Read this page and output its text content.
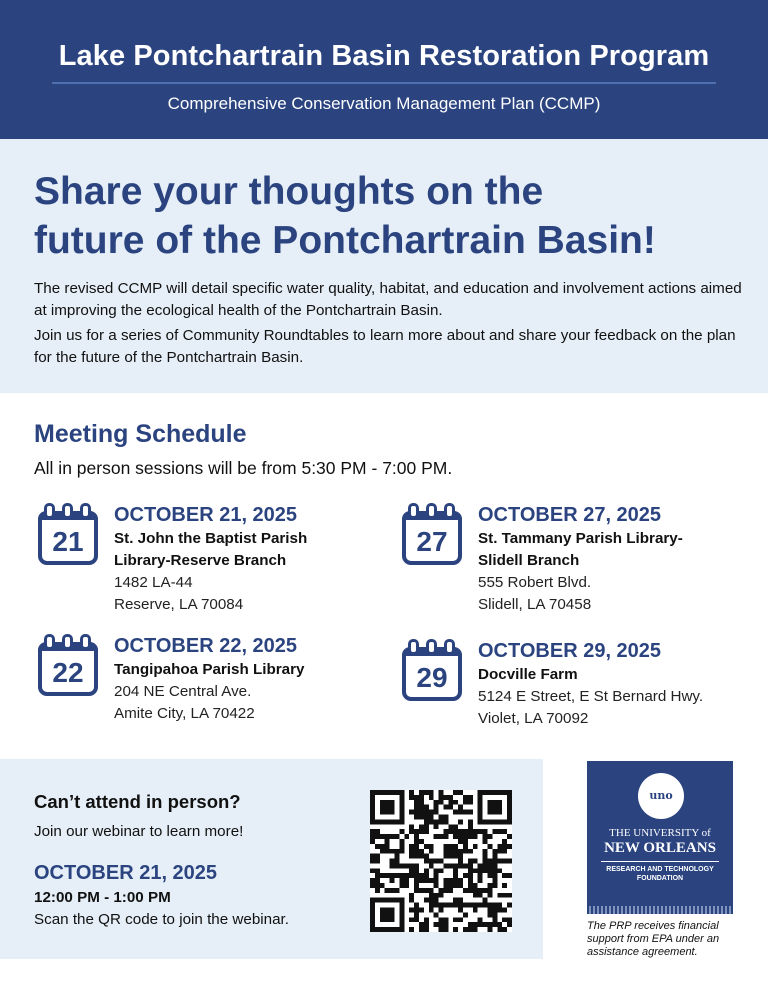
Lake Pontchartrain Basin Restoration Program
Comprehensive Conservation Management Plan (CCMP)
Share your thoughts on the
future of the Pontchartrain Basin!

The revised CCMP will detail specific water quality, habitat, and education and involvement actions aimed at improving the ecological health of the Pontchartrain Basin.

Join us for a series of Community Roundtables to learn more about and share your feedback on the plan for the future of the Pontchartrain Basin.

Meeting Schedule
All in person sessions will be from 5:30 PM - 7:00 PM.
21
OCTOBER 21, 2025
St. John the Baptist Parish
Library-Reserve Branch
1482 LA-44
Reserve, LA 70084
27
OCTOBER 27, 2025
St. Tammany Parish Library-
Slidell Branch
555 Robert Blvd.
Slidell, LA 70458
22
OCTOBER 22, 2025
Tangipahoa Parish Library
204 NE Central Ave.
Amite City, LA 70422
29
OCTOBER 29, 2025
Docville Farm
5124 E Street, E St Bernard Hwy.
Violet, LA 70092
Can’t attend in person?
Join our webinar to learn more!
OCTOBER 21, 2025
12:00 PM - 1:00 PM
Scan the QR code to join the webinar.
uno
THE UNIVERSITY of
NEW ORLEANS
RESEARCH AND TECHNOLOGY
FOUNDATION
The PRP receives financial support from EPA under an assistance agreement.
